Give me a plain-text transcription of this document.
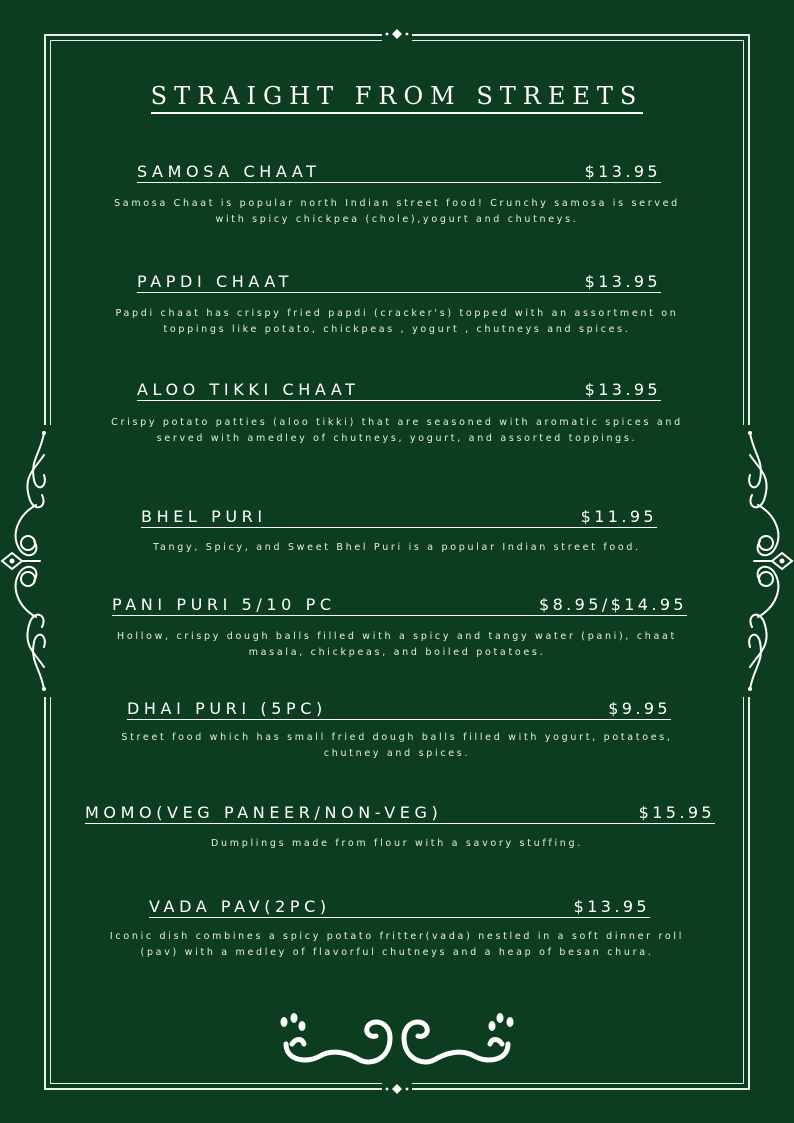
STRAIGHT FROM STREETS
SAMOSA CHAAT	$13.95
Samosa Chaat is popular north Indian street food! Crunchy samosa is served with spicy chickpea (chole),yogurt and chutneys.
PAPDI CHAAT	$13.95
Papdi chaat has crispy fried papdi (cracker's) topped with an assortment on toppings like potato, chickpeas , yogurt , chutneys and spices.
ALOO TIKKI CHAAT	$13.95
Crispy potato patties (aloo tikki) that are seasoned with aromatic spices and served with amedley of chutneys, yogurt, and assorted toppings.
BHEL PURI	$11.95
Tangy, Spicy, and Sweet Bhel Puri is a popular Indian street food.
PANI PURI 5/10 PC	$8.95/$14.95
Hollow, crispy dough balls filled with a spicy and tangy water (pani), chaat masala, chickpeas, and boiled potatoes.
DHAI PURI (5PC)	$9.95
Street food which has small fried dough balls filled with yogurt, potatoes, chutney and spices.
MOMO(VEG PANEER/NON-VEG)	$15.95
Dumplings made from flour with a savory stuffing.
VADA PAV(2PC)	$13.95
Iconic dish combines a spicy potato fritter(vada) nestled in a soft dinner roll (pav) with a medley of flavorful chutneys and a heap of besan chura.
